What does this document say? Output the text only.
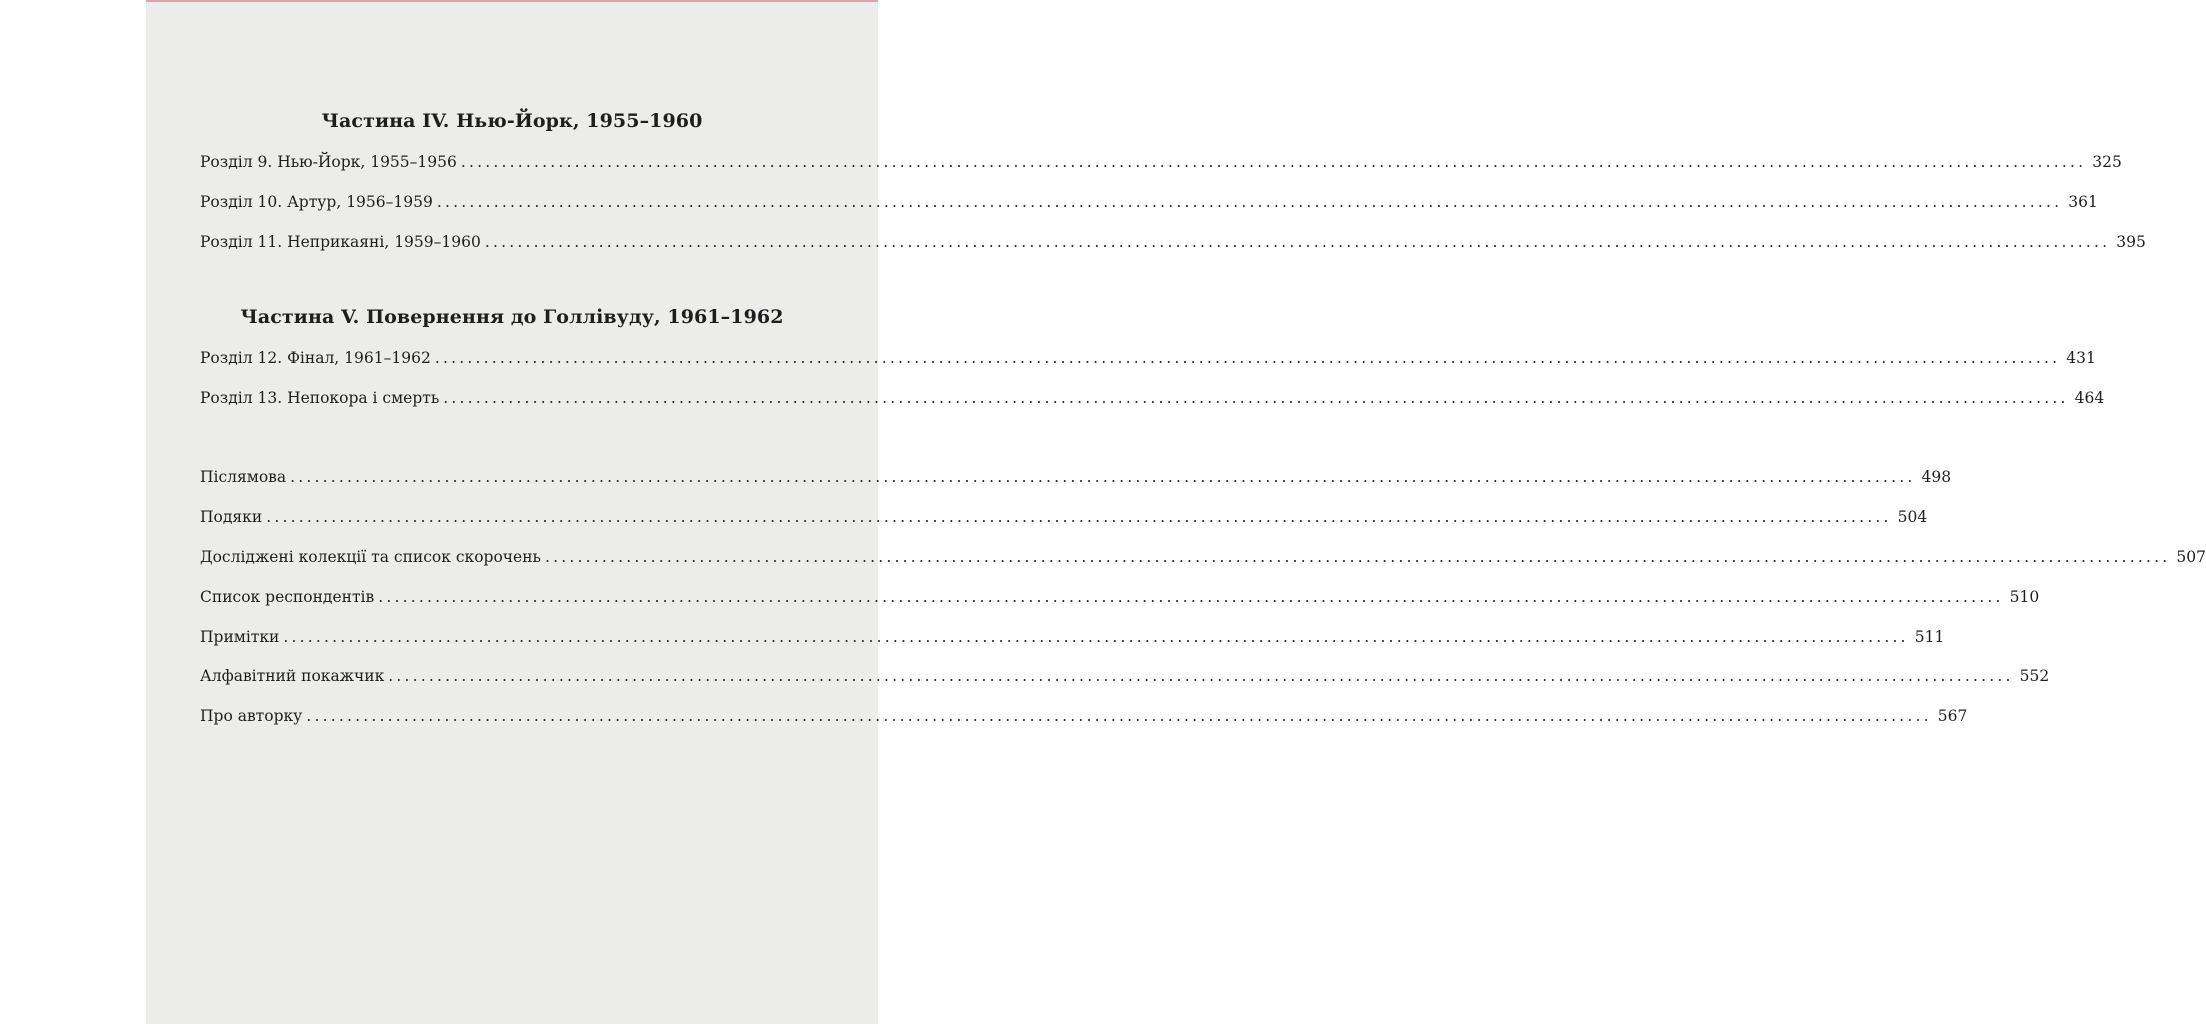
Частина IV. Нью-Йорк, 1955–1960
Розділ 9. Нью-Йорк, 1955–1956 ........................................................................................................................................................................................................ 325
Розділ 10. Артур, 1956–1959 ........................................................................................................................................................................................................ 361
Розділ 11. Неприкаяні, 1959–1960 ........................................................................................................................................................................................................ 395
Частина V. Повернення до Голлівуду, 1961–1962
Розділ 12. Фінал, 1961–1962 ........................................................................................................................................................................................................ 431
Розділ 13. Непокора і смерть ........................................................................................................................................................................................................ 464
Післямова ........................................................................................................................................................................................................ 498
Подяки ........................................................................................................................................................................................................ 504
Досліджені колекції та список скорочень ........................................................................................................................................................................................................ 507
Список респондентів ........................................................................................................................................................................................................ 510
Примітки ........................................................................................................................................................................................................ 511
Алфавітний покажчик ........................................................................................................................................................................................................ 552
Про авторку ........................................................................................................................................................................................................ 567
